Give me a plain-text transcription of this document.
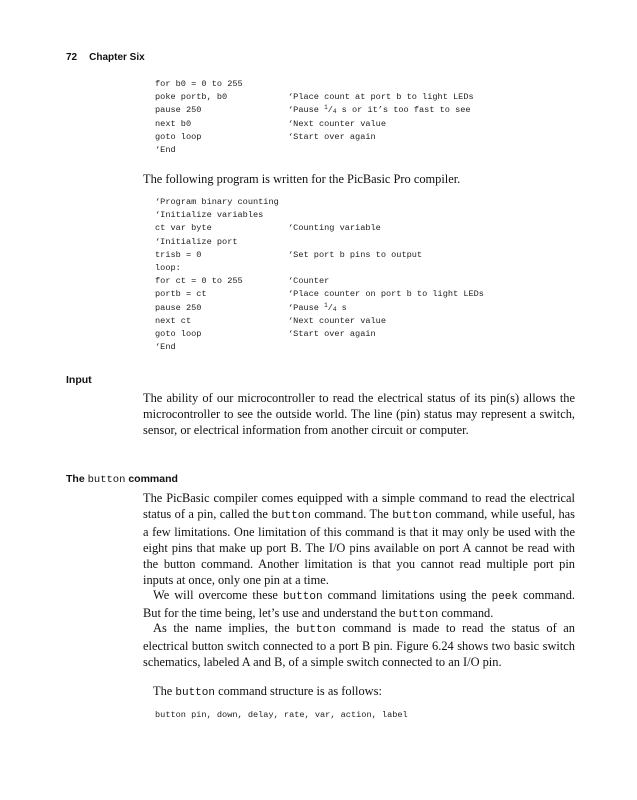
72 Chapter Six
for b0 = 0 to 255
poke portb, b0	‘Place count at port b to light LEDs
pause 250	‘Pause $^1$/4 s or it’s too fast to see
next b0	‘Next counter value
goto loop	‘Start over again
‘End

The following program is written for the PicBasic Pro compiler.

‘Program binary counting
‘Initialize variables
ct var byte	‘Counting variable
‘Initialize port
trisb = 0	‘Set port b pins to output
loop:
for ct = 0 to 255	‘Counter
portb = ct	‘Place counter on port b to light LEDs
pause 250	‘Pause $^1$/4 s
next ct	‘Next counter value
goto loop	‘Start over again
‘End
Input

The ability of our microcontroller to read the electrical status of its pin(s) allows the microcontroller to see the outside world. The line (pin) status may represent a switch, sensor, or electrical information from another circuit or computer.

The button command

The PicBasic compiler comes equipped with a simple command to read the electrical status of a pin, called the button command. The button command, while useful, has a few limitations. One limitation of this command is that it may only be used with the eight pins that make up port B. The I/O pins available on port A cannot be read with the button command. Another limitation is that you cannot read multiple port pin inputs at once, only one pin at a time.

We will overcome these button command limitations using the peek command. But for the time being, let’s use and understand the button command.

As the name implies, the button command is made to read the status of an electrical button switch connected to a port B pin. Figure 6.24 shows two basic switch schematics, labeled A and B, of a simple switch connected to an I/O pin.

The button command structure is as follows:

button pin, down, delay, rate, var, action, label
